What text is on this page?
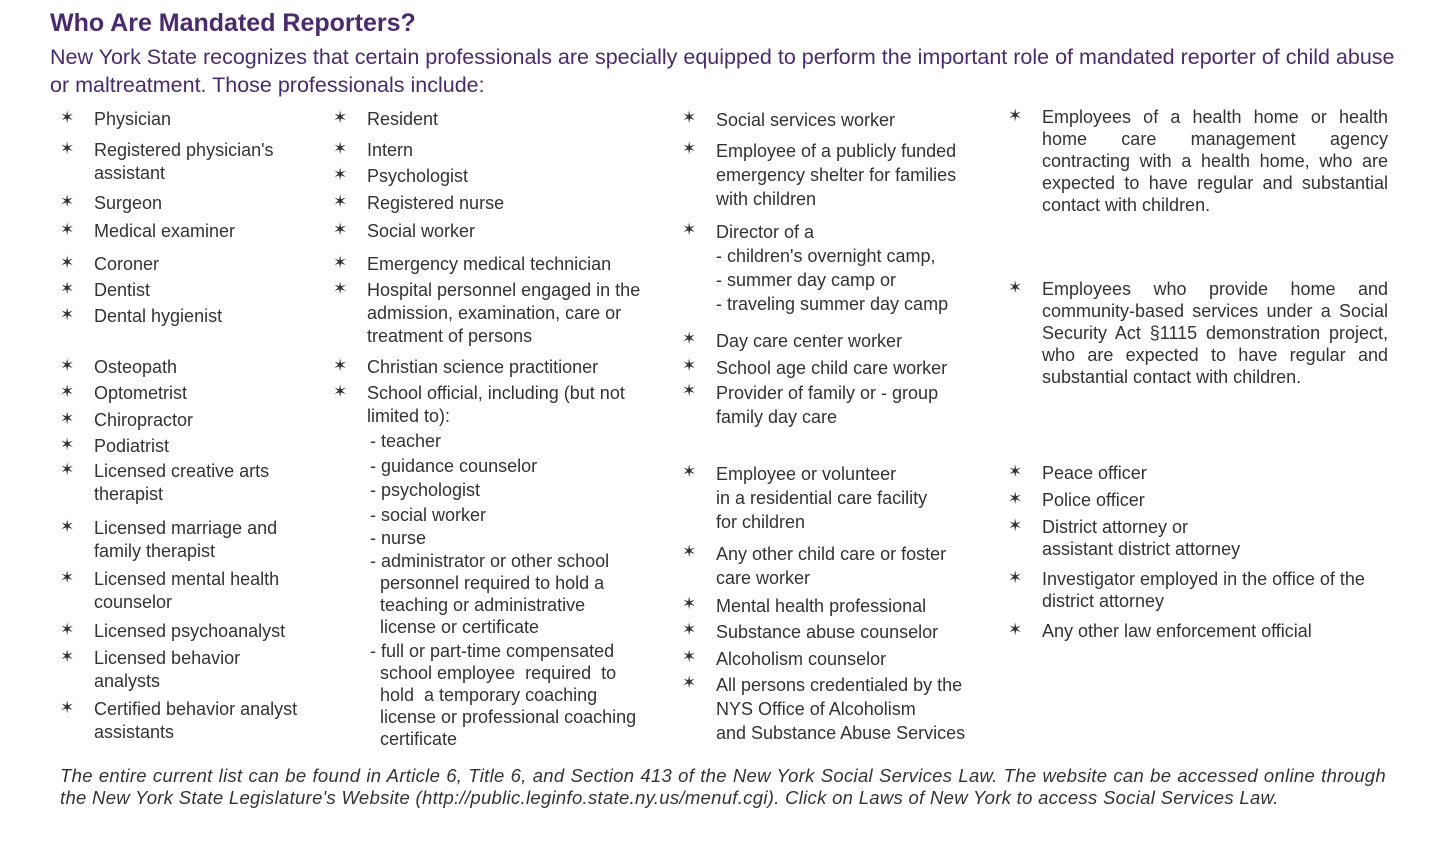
Who Are Mandated Reporters?

New York State recognizes that certain professionals are specially equipped to perform the important role of mandated reporter of child abuse or maltreatment. Those professionals include:

✶	Physician
✶	Registered physician's
assistant
✶	Surgeon
✶	Medical examiner
✶	Coroner
✶	Dentist
✶	Dental hygienist
✶	Osteopath
✶	Optometrist
✶	Chiropractor
✶	Podiatrist
✶	Licensed creative arts
therapist
✶	Licensed marriage and
family therapist
✶	Licensed mental health
counselor
✶	Licensed psychoanalyst
✶	Licensed behavior
analysts
✶	Certified behavior analyst
assistants
✶	Resident
✶	Intern
✶	Psychologist
✶	Registered nurse
✶	Social worker
✶	Emergency medical technician
✶	Hospital personnel engaged in the
admission, examination, care or
treatment of persons
✶	Christian science practitioner
✶	School official, including (but not
limited to):
✶	Social services worker
✶	Employee of a publicly funded
emergency shelter for families
with children
✶	Director of a
✶	Day care center worker
✶	School age child care worker
✶	Provider of family or - group
family day care
✶	Employee or volunteer
in a residential care facility
for children
✶	Any other child care or foster
care worker
✶	Mental health professional
✶	Substance abuse counselor
✶	Alcoholism counselor
✶	All persons credentialed by the
NYS Office of Alcoholism
and Substance Abuse Services
✶	Employees of a health home or health home care management agency contracting with a health home, who are expected to have regular and substantial contact with children.
✶	Employees who provide home and community-based services under a Social Security Act §1115 demonstration project, who are expected to have regular and substantial contact with children.
✶	Peace officer
✶	Police officer
✶	District attorney or
assistant district attorney
✶	Investigator employed in the office of the
district attorney
✶	Any other law enforcement official
- teacher
- guidance counselor
- psychologist
- social worker
- nurse
- administrator or other school
personnel required to hold a
teaching or administrative
license or certificate
- full or part-time compensated
school employee  required  to
hold  a temporary coaching
license or professional coaching
certificate
- children's overnight camp,
- summer day camp or
- traveling summer day camp

The entire current list can be found in Article 6, Title 6, and Section 413 of the New York Social Services Law. The website can be accessed online through the New York State Legislature's Website (http://public.leginfo.state.ny.us/menuf.cgi). Click on Laws of New York to access Social Services Law.
